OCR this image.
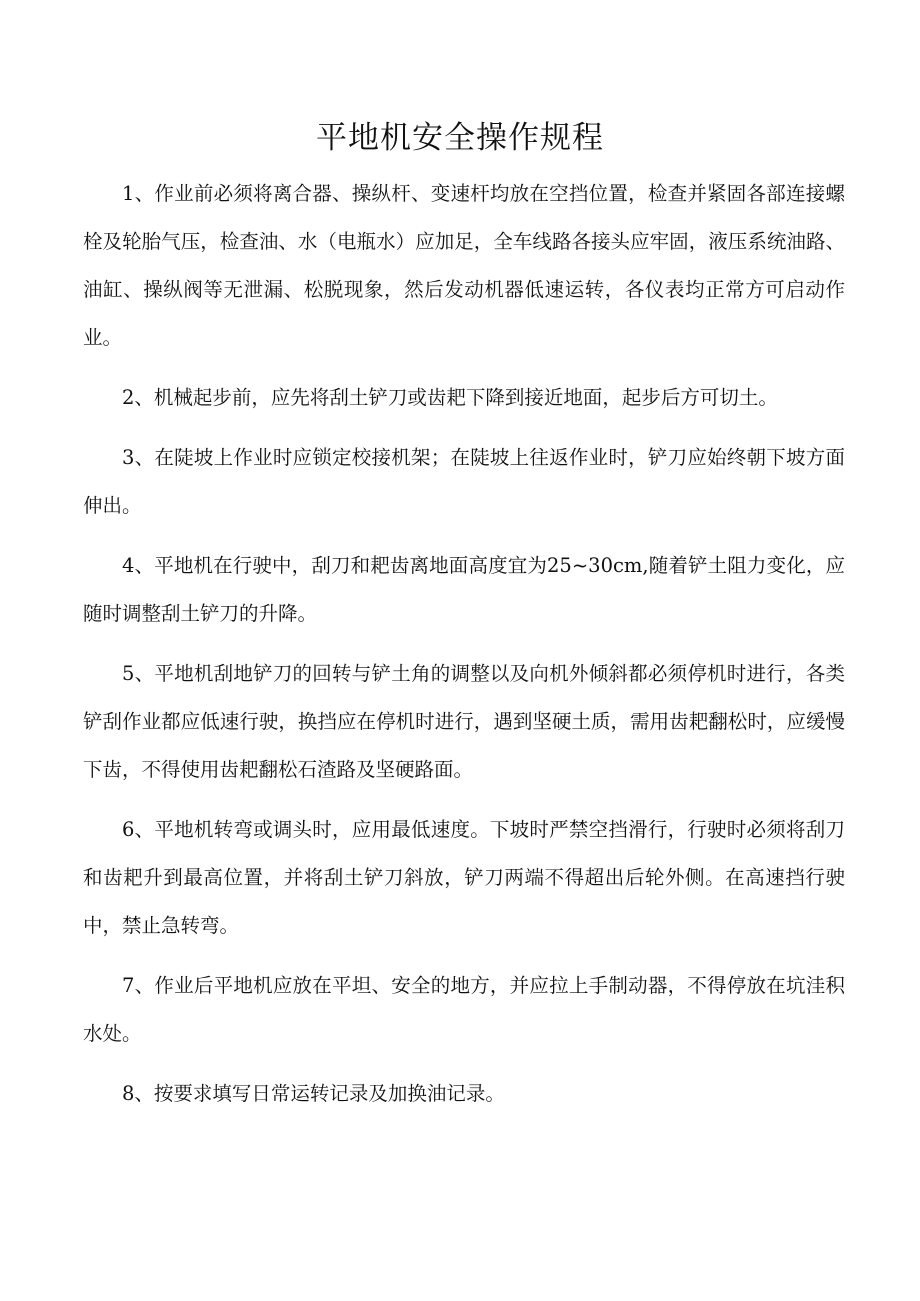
平地机安全操作规程

1、作业前必须将离合器、操纵杆、变速杆均放在空挡位置，检查并紧固各部连接螺栓及轮胎气压，检查油、水（电瓶水）应加足，全车线路各接头应牢固，液压系统油路、油缸、操纵阀等无泄漏、松脱现象，然后发动机器低速运转，各仪表均正常方可启动作业。

2、机械起步前，应先将刮土铲刀或齿耙下降到接近地面，起步后方可切土。

3、在陡坡上作业时应锁定校接机架；在陡坡上往返作业时，铲刀应始终朝下坡方面伸出。

4、平地机在行驶中，刮刀和耙齿离地面高度宜为25~30cm,随着铲土阻力变化，应随时调整刮土铲刀的升降。

5、平地机刮地铲刀的回转与铲土角的调整以及向机外倾斜都必须停机时进行，各类铲刮作业都应低速行驶，换挡应在停机时进行，遇到坚硬土质，需用齿耙翻松时，应缓慢下齿，不得使用齿耙翻松石渣路及坚硬路面。

6、平地机转弯或调头时，应用最低速度。下坡时严禁空挡滑行，行驶时必须将刮刀和齿耙升到最高位置，并将刮土铲刀斜放，铲刀两端不得超出后轮外侧。在高速挡行驶中，禁止急转弯。

7、作业后平地机应放在平坦、安全的地方，并应拉上手制动器，不得停放在坑洼积水处。

8、按要求填写日常运转记录及加换油记录。
